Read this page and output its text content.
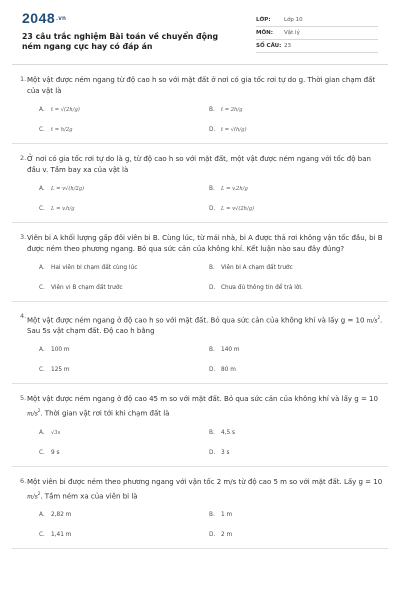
2048.vn
23 câu trắc nghiệm Bài toán về chuyển động ném ngang cực hay có đáp án
LỚP:	Lớp 10
MÔN:	Vật lý
SỐ CÂU: 23
1. Một vật được ném ngang từ độ cao h so với mặt đất ở nơi có gia tốc rơi tự do g. Thời gian chạm đất của vật là
A.	t = √(2h/g)	B.	t = 2h/g
C.	t = h/2g	D.	t = √(h/g)
2. Ở nơi có gia tốc rơi tự do là g, từ độ cao h so với mặt đất, một vật được ném ngang với tốc độ ban đầu v. Tầm bay xa của vật là
A.	L = v√(h/2g)	B.	L = v.2h/g
C.	L = v.h/g	D.	L = v√(2h/g)
3. Viên bi A khối lượng gấp đôi viên bi B. Cùng lúc, từ mái nhà, bi A được thả rơi không vận tốc đầu, bi B được ném theo phương ngang. Bỏ qua sức cản của không khí. Kết luận nào sau đây đúng?
A.	Hai viên bi chạm đất cùng lúc	B.	Viên bi A chạm đất trước
C.	Viên vi B chạm đất trước	D. Chưa đủ thông tin để trả lời.
4.
Một vật được ném ngang ở độ cao h so với mặt đất. Bỏ qua sức cản của không khí và lấy g = 10 $m/s^2$. Sau 5s vật chạm đất. Độ cao h bằng
A.	100 m	B.	140 m
C.	125 m	D. 80 m
5. Một vật được ném ngang ở độ cao 45 m so với mặt đất. Bỏ qua sức cản của không khí và lấy g = 10 $m/s^2$. Thời gian vật rơi tới khi chạm đất là
A.	√3s	B.	4,5 s
C.	9 s	D. 3 s
6. Một viên bi được ném theo phương ngang với vận tốc 2 m/s từ độ cao 5 m so với mặt đất. Lấy g = 10 $m/s^2$. Tầm ném xa của viên bi là
A.	2,82 m	B.	1 m
C.	1,41 m	D. 2 m
